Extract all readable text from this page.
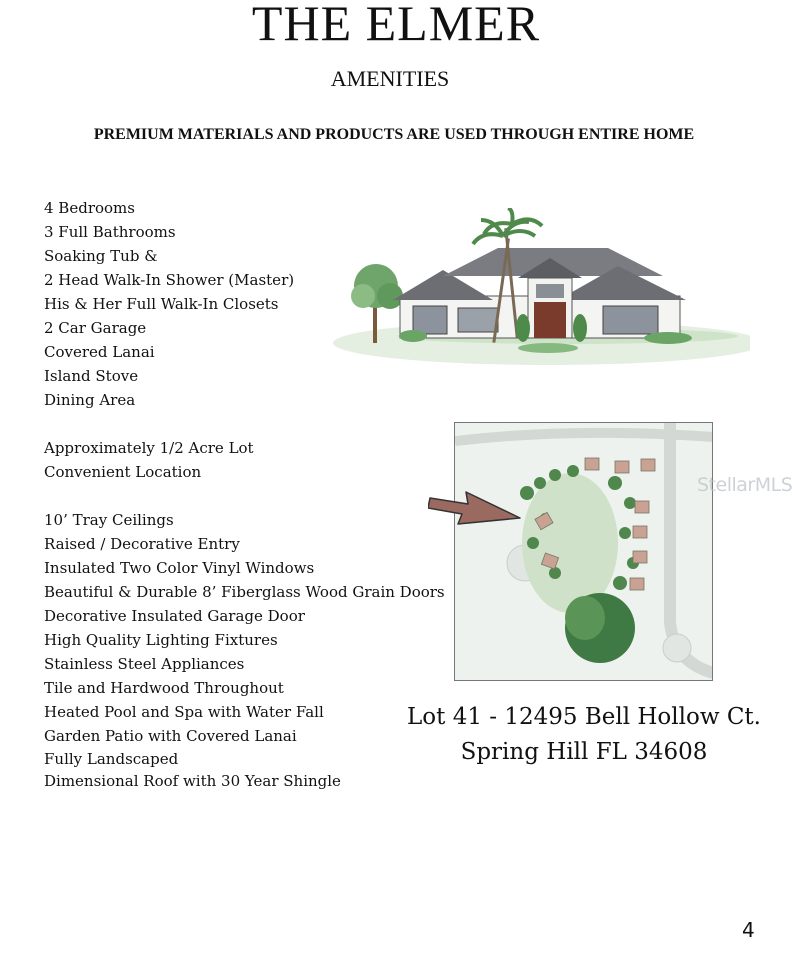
THE ELMER
AMENITIES
PREMIUM MATERIALS AND PRODUCTS ARE USED THROUGH ENTIRE HOME
4 Bedrooms
3 Full Bathrooms
Soaking Tub &
2 Head Walk-In Shower (Master)
His & Her Full Walk-In Closets
2 Car Garage
Covered Lanai
Island Stove
Dining Area
Approximately 1/2 Acre Lot
Convenient Location
10’ Tray Ceilings
Raised / Decorative Entry
Insulated Two Color Vinyl Windows
Beautiful & Durable 8’ Fiberglass Wood Grain Doors
Decorative Insulated Garage Door
High Quality Lighting Fixtures
Stainless Steel Appliances
Tile and Hardwood Throughout
Heated Pool and Spa with Water Fall
Garden Patio with Covered Lanai
Fully Landscaped
Dimensional Roof with 30 Year Shingle
StellarMLS
Lot 41 - 12495 Bell Hollow Ct.
Spring Hill FL 34608
4
